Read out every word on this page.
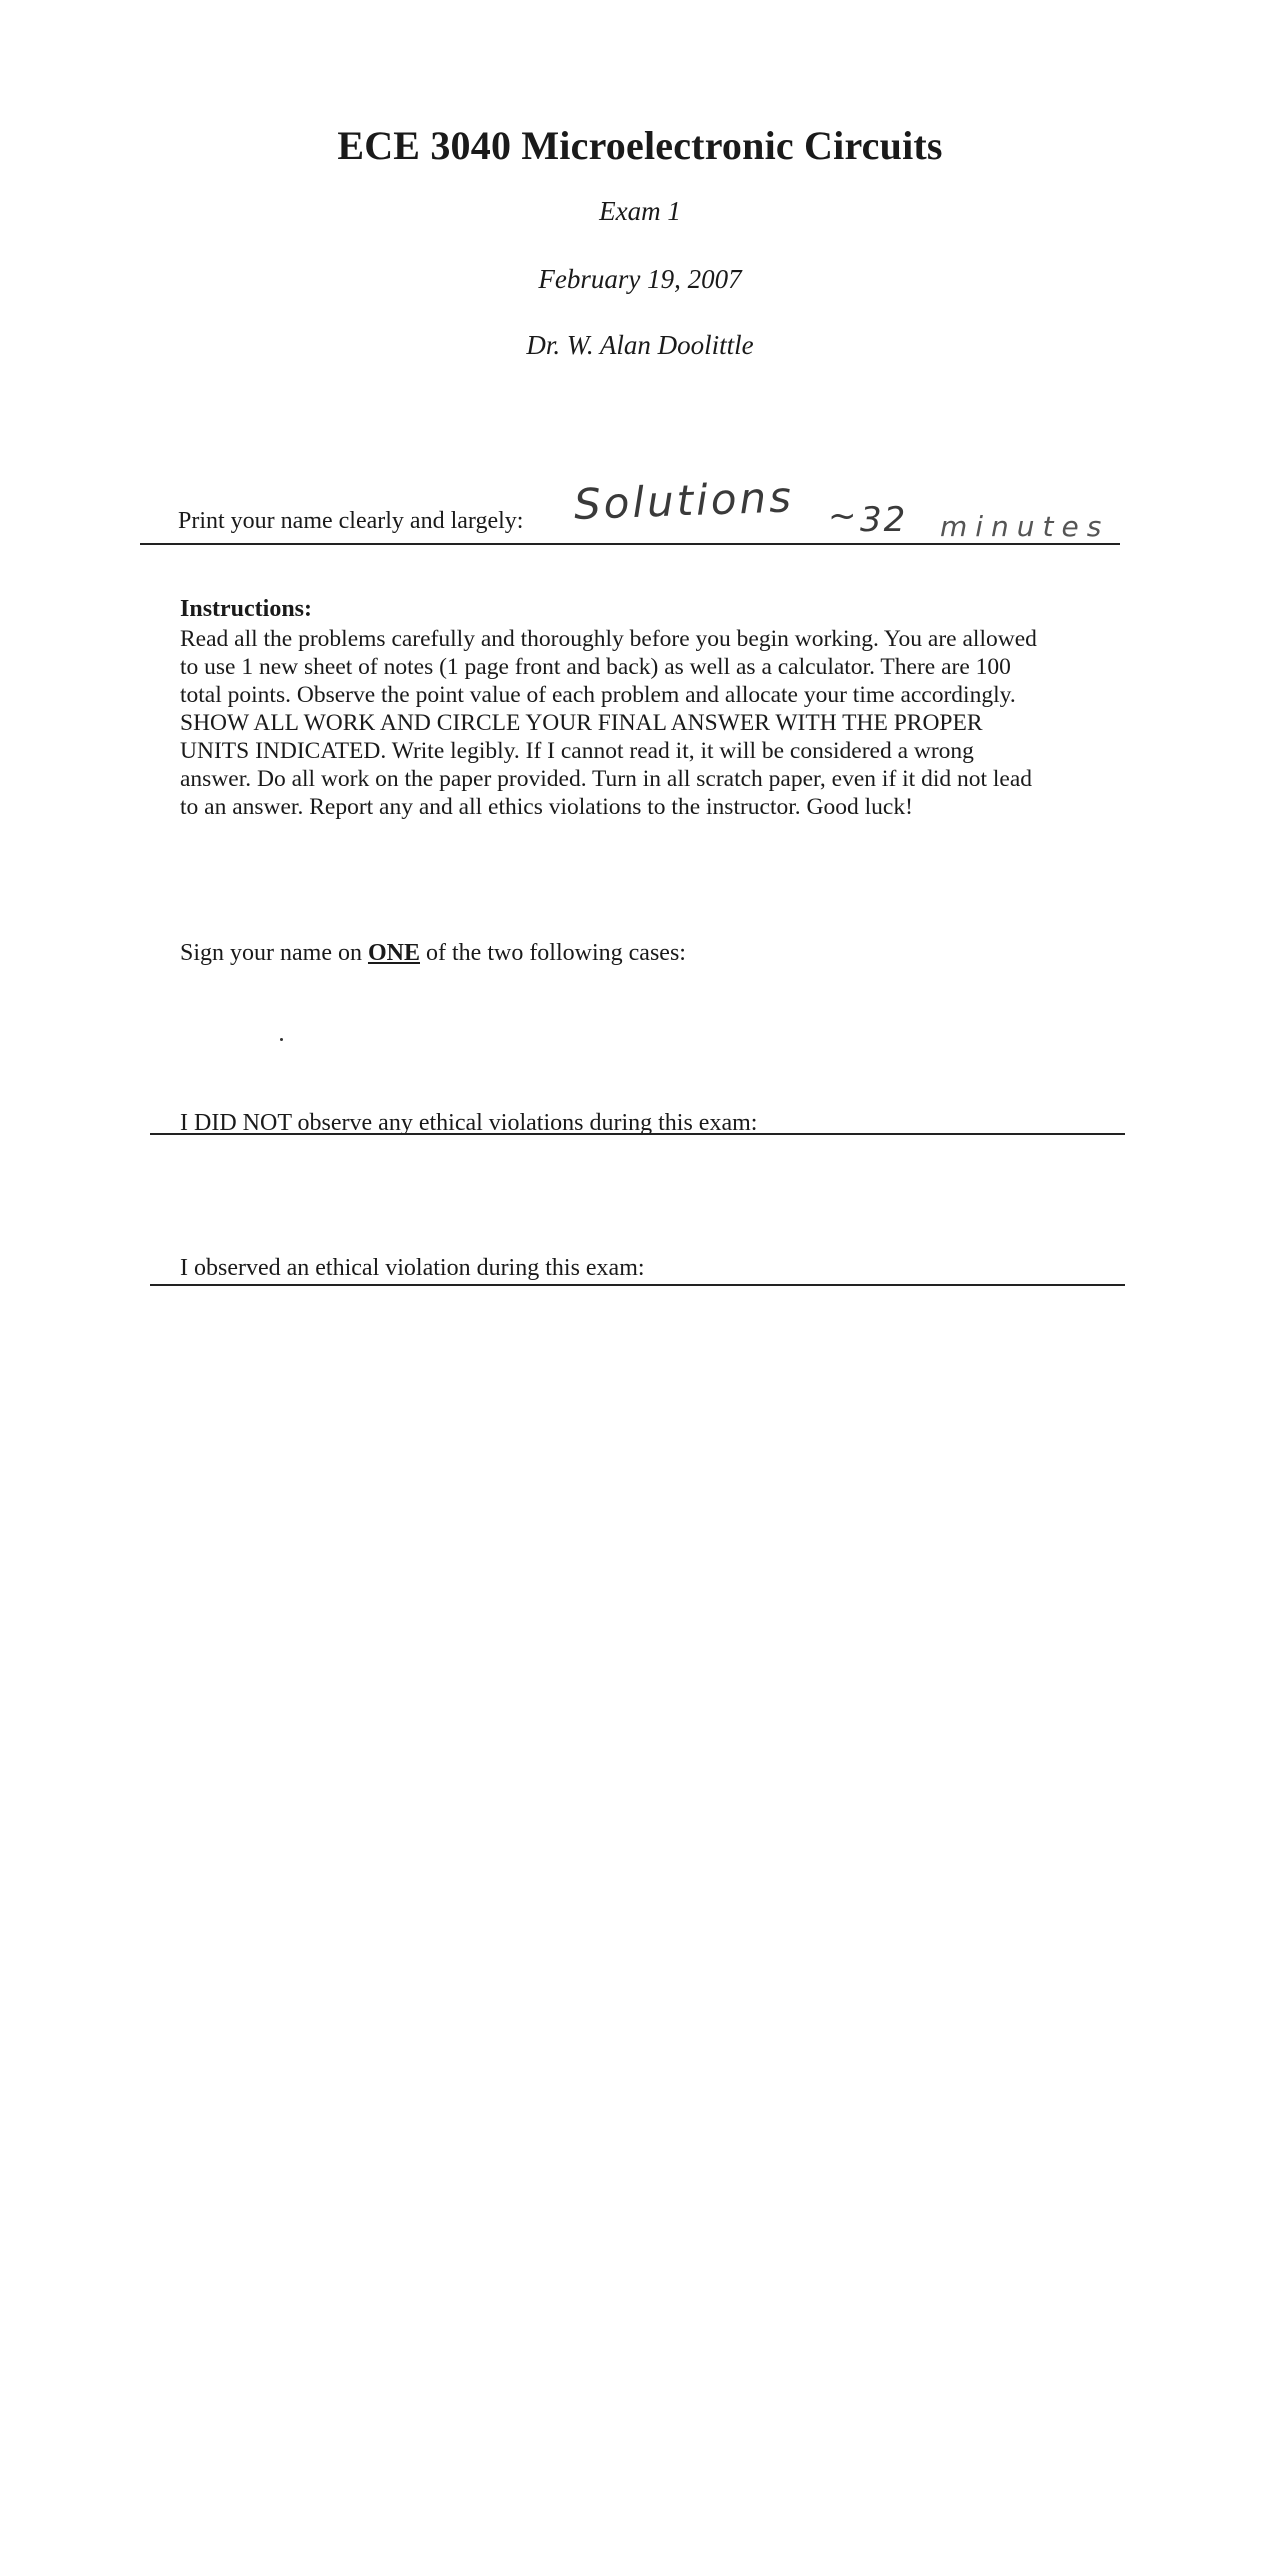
ECE 3040 Microelectronic Circuits
Exam 1
February 19, 2007
Dr. W. Alan Doolittle
Print your name clearly and largely: Solutions ~ 32 minutes
Instructions:

Read all the problems carefully and thoroughly before you begin working. You are allowed
to use 1 new sheet of notes (1 page front and back) as well as a calculator. There are 100
total points. Observe the point value of each problem and allocate your time accordingly.
SHOW ALL WORK AND CIRCLE YOUR FINAL ANSWER WITH THE PROPER
UNITS INDICATED. Write legibly. If I cannot read it, it will be considered a wrong
answer. Do all work on the paper provided. Turn in all scratch paper, even if it did not lead
to an answer. Report any and all ethics violations to the instructor. Good luck!

Sign your name on ONE of the two following cases:
I DID NOT observe any ethical violations during this exam:
I observed an ethical violation during this exam:
